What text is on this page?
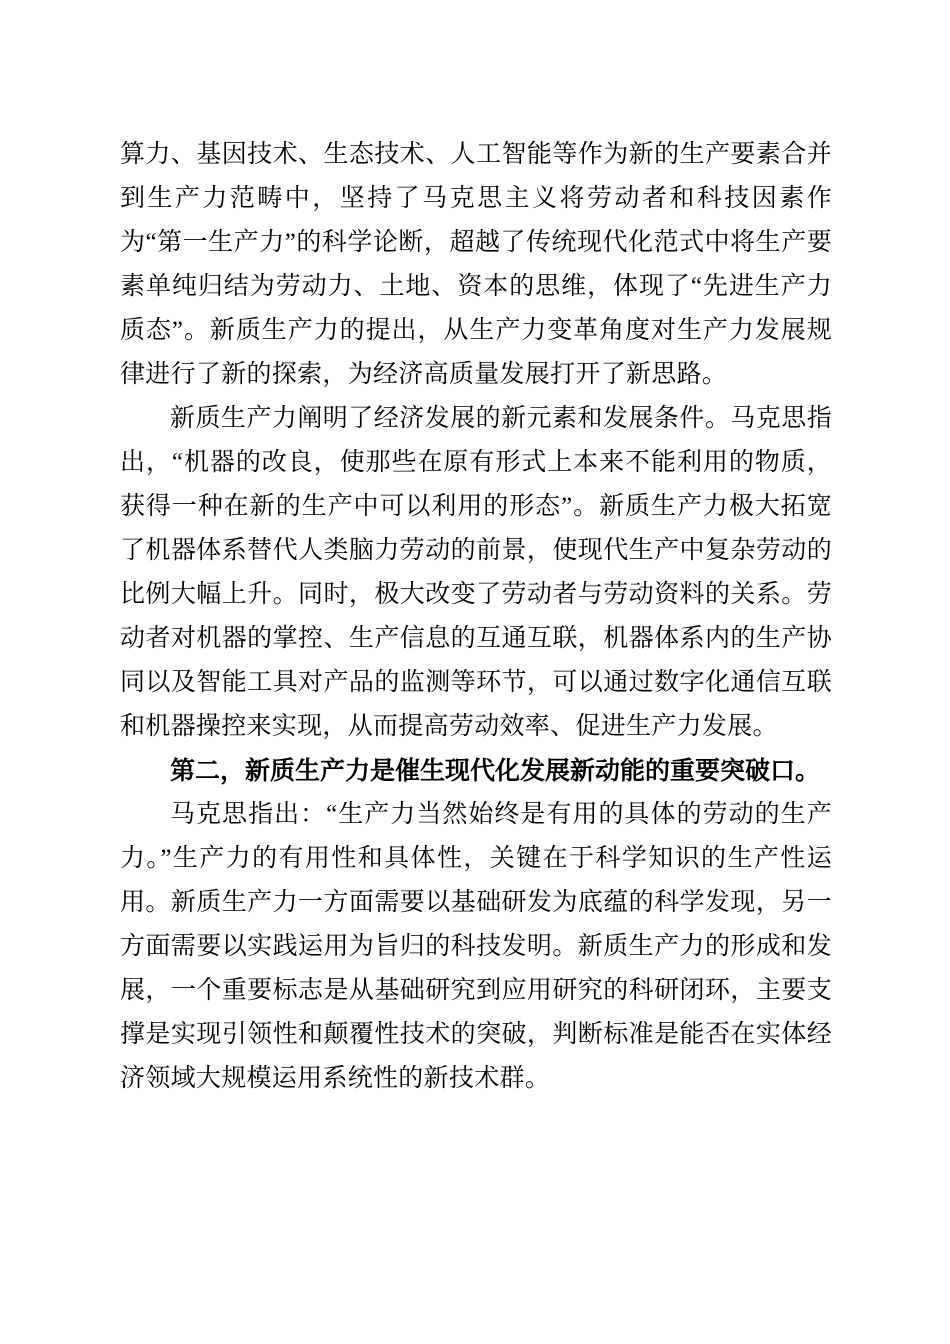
算力、基因技术、生态技术、人工智能等作为新的生产要素合并到生产力范畴中，坚持了马克思主义将劳动者和科技因素作为“第一生产力”的科学论断，超越了传统现代化范式中将生产要素单纯归结为劳动力、土地、资本的思维，体现了“先进生产力质态”。新质生产力的提出，从生产力变革角度对生产力发展规律进行了新的探索，为经济高质量发展打开了新思路。

新质生产力阐明了经济发展的新元素和发展条件。马克思指出，“机器的改良，使那些在原有形式上本来不能利用的物质，获得一种在新的生产中可以利用的形态”。新质生产力极大拓宽了机器体系替代人类脑力劳动的前景，使现代生产中复杂劳动的比例大幅上升。同时，极大改变了劳动者与劳动资料的关系。劳动者对机器的掌控、生产信息的互通互联，机器体系内的生产协同以及智能工具对产品的监测等环节，可以通过数字化通信互联和机器操控来实现，从而提高劳动效率、促进生产力发展。

第二，新质生产力是催生现代化发展新动能的重要突破口。

马克思指出：“生产力当然始终是有用的具体的劳动的生产力。”生产力的有用性和具体性，关键在于科学知识的生产性运用。新质生产力一方面需要以基础研发为底蕴的科学发现，另一方面需要以实践运用为旨归的科技发明。新质生产力的形成和发展，一个重要标志是从基础研究到应用研究的科研闭环，主要支撑是实现引领性和颠覆性技术的突破，判断标准是能否在实体经济领域大规模运用系统性的新技术群。
